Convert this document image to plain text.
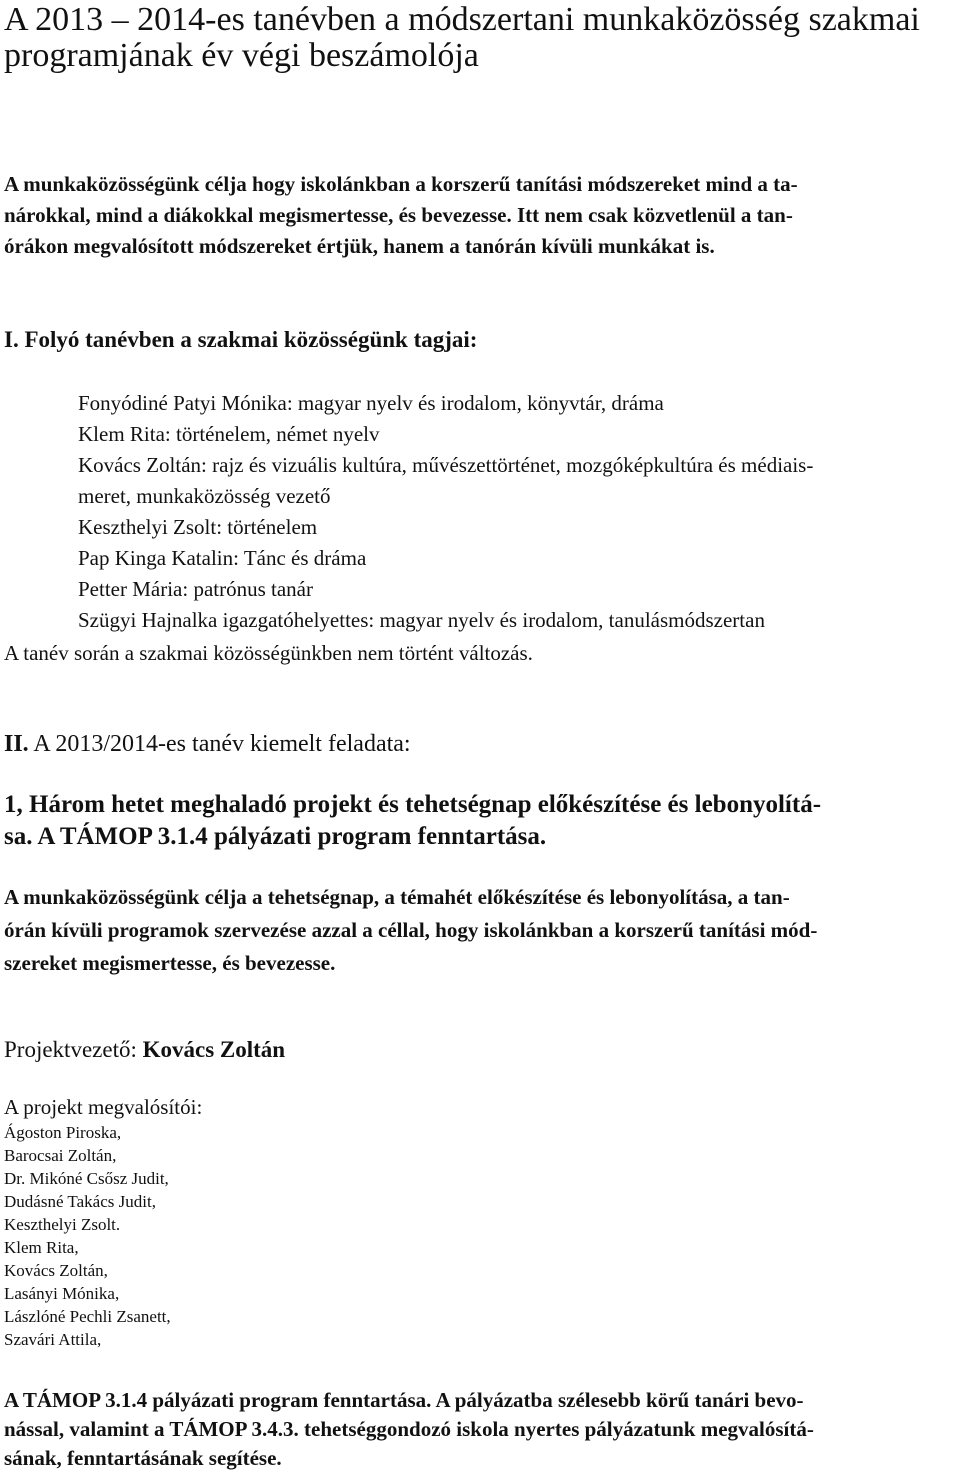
A 2013 – 2014-es tanévben a módszertani munkaközösség szakmai
programjának év végi beszámolója
A munkaközösségünk célja hogy iskolánkban a korszerű tanítási módszereket mind a ta-
nárokkal, mind a diákokkal megismertesse, és bevezesse. Itt nem csak közvetlenül a tan-
órákon megvalósított módszereket értjük, hanem a tanórán kívüli munkákat is.
I. Folyó tanévben a szakmai közösségünk tagjai:
Fonyódiné Patyi Mónika: magyar nyelv és irodalom, könyvtár, dráma
Klem Rita: történelem, német nyelv
Kovács Zoltán: rajz és vizuális kultúra, művészettörténet, mozgóképkultúra és médiais-
meret, munkaközösség vezető
Keszthelyi Zsolt: történelem
Pap Kinga Katalin: Tánc és dráma
Petter Mária: patrónus tanár
Szügyi Hajnalka igazgatóhelyettes: magyar nyelv és irodalom, tanulásmódszertan
A tanév során a szakmai közösségünkben nem történt változás.
II. A 2013/2014-es tanév kiemelt feladata:
1, Három hetet meghaladó projekt és tehetségnap előkészítése és lebonyolítá-
sa. A TÁMOP 3.1.4 pályázati program fenntartása.
A munkaközösségünk célja a tehetségnap, a témahét előkészítése és lebonyolítása, a tan-
órán kívüli programok szervezése azzal a céllal, hogy iskolánkban a korszerű tanítási mód-
szereket megismertesse, és bevezesse.
Projektvezető: Kovács Zoltán
A projekt megvalósítói:
Ágoston Piroska,
Barocsai Zoltán,
Dr. Mikóné Csősz Judit,
Dudásné Takács Judit,
Keszthelyi Zsolt.
Klem Rita,
Kovács Zoltán,
Lasányi Mónika,
Lászlóné Pechli Zsanett,
Szavári Attila,
A TÁMOP 3.1.4 pályázati program fenntartása. A pályázatba szélesebb körű tanári bevo-
nással, valamint a TÁMOP 3.4.3. tehetséggondozó iskola nyertes pályázatunk megvalósítá-
sának, fenntartásának segítése.
